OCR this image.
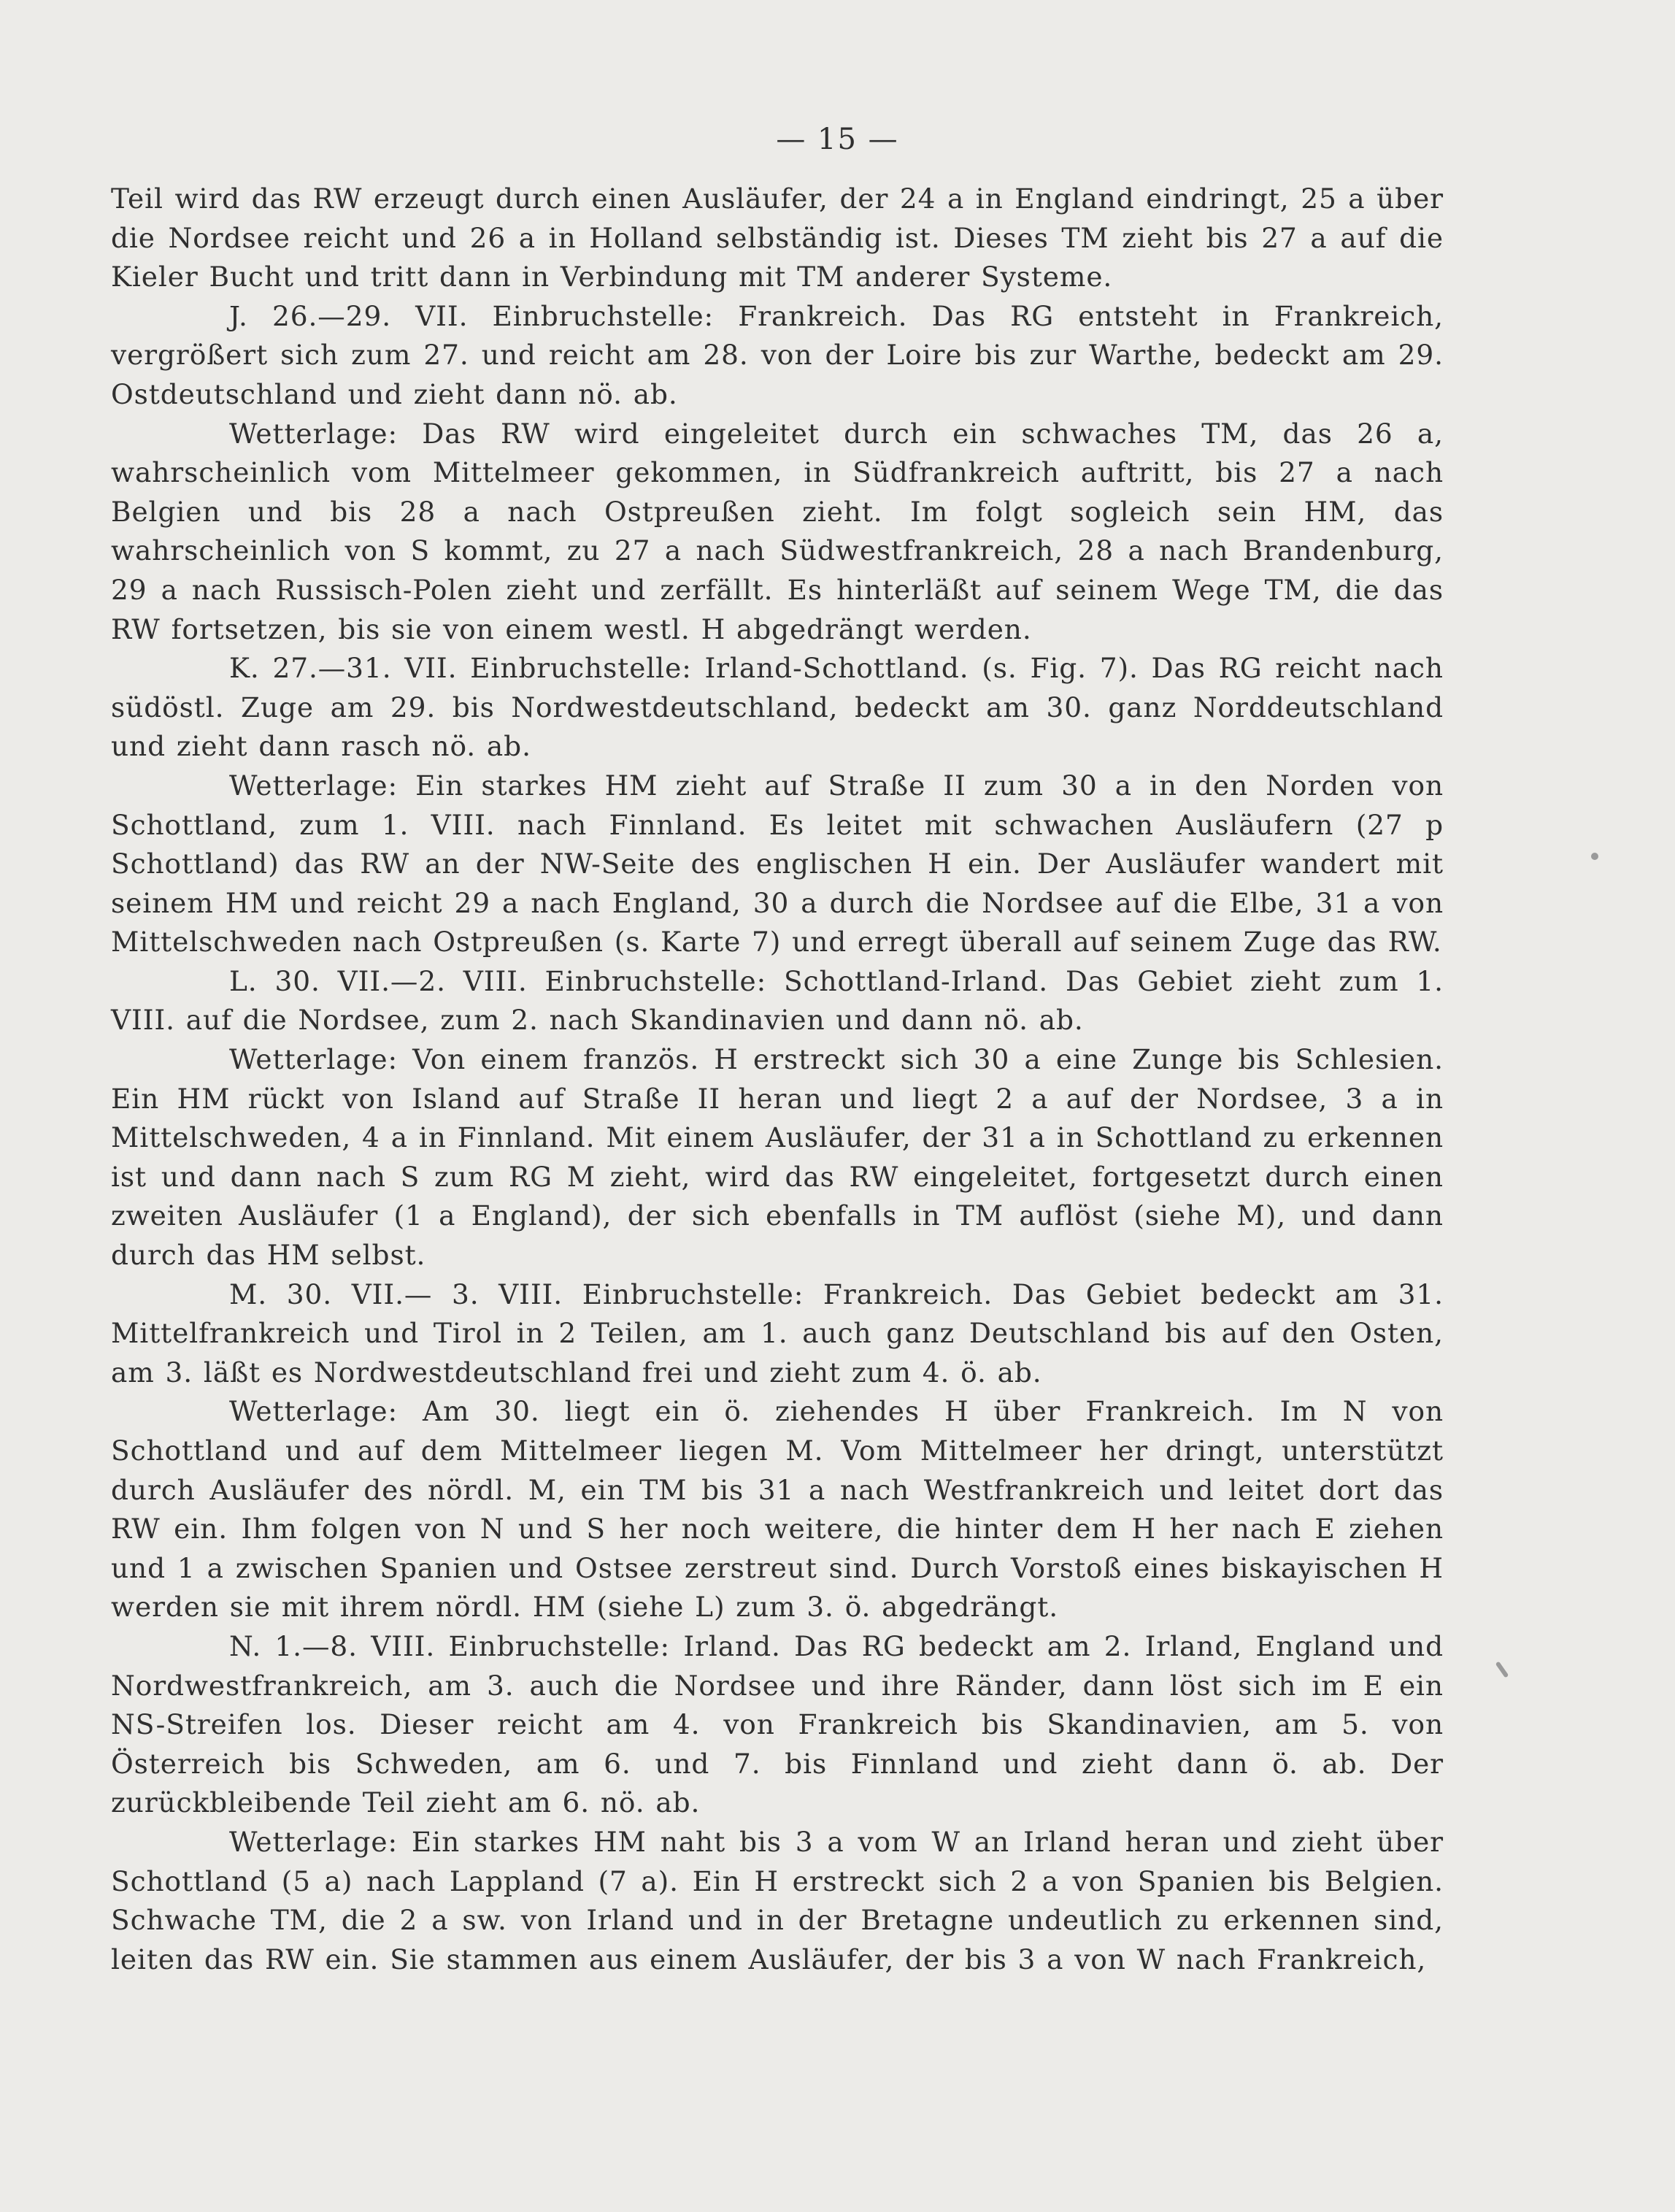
— 15 —

Teil wird das RW erzeugt durch einen Ausläufer, der 24 a in England eindringt, 25 a über die Nordsee reicht und 26 a in Holland selbständig ist. Dieses TM zieht bis 27 a auf die Kieler Bucht und tritt dann in Verbindung mit TM anderer Systeme.

J. 26.—29. VII. Einbruchstelle: Frankreich. Das RG entsteht in Frankreich, vergrößert sich zum 27. und reicht am 28. von der Loire bis zur Warthe, bedeckt am 29. Ostdeutschland und zieht dann nö. ab.

Wetterlage: Das RW wird eingeleitet durch ein schwaches TM, das 26 a, wahrscheinlich vom Mittelmeer gekommen, in Südfrankreich auftritt, bis 27 a nach Belgien und bis 28 a nach Ostpreußen zieht. Im folgt sogleich sein HM, das wahrscheinlich von S kommt, zu 27 a nach Südwestfrankreich, 28 a nach Brandenburg, 29 a nach Russisch-Polen zieht und zerfällt. Es hinterläßt auf seinem Wege TM, die das RW fortsetzen, bis sie von einem westl. H abgedrängt werden.

K. 27.—31. VII. Einbruchstelle: Irland-Schottland. (s. Fig. 7). Das RG reicht nach südöstl. Zuge am 29. bis Nordwestdeutschland, bedeckt am 30. ganz Norddeutschland und zieht dann rasch nö. ab.

Wetterlage: Ein starkes HM zieht auf Straße II zum 30 a in den Norden von Schottland, zum 1. VIII. nach Finnland. Es leitet mit schwachen Ausläufern (27 p Schottland) das RW an der NW-Seite des englischen H ein. Der Ausläufer wandert mit seinem HM und reicht 29 a nach England, 30 a durch die Nordsee auf die Elbe, 31 a von Mittelschweden nach Ostpreußen (s. Karte 7) und erregt überall auf seinem Zuge das RW.

L. 30. VII.—2. VIII. Einbruchstelle: Schottland-Irland. Das Gebiet zieht zum 1. VIII. auf die Nordsee, zum 2. nach Skandinavien und dann nö. ab.

Wetterlage: Von einem französ. H erstreckt sich 30 a eine Zunge bis Schlesien. Ein HM rückt von Island auf Straße II heran und liegt 2 a auf der Nordsee, 3 a in Mittelschweden, 4 a in Finnland. Mit einem Ausläufer, der 31 a in Schottland zu erkennen ist und dann nach S zum RG M zieht, wird das RW eingeleitet, fortgesetzt durch einen zweiten Ausläufer (1 a England), der sich ebenfalls in TM auflöst (siehe M), und dann durch das HM selbst.

M. 30. VII.— 3. VIII. Einbruchstelle: Frankreich. Das Gebiet bedeckt am 31. Mittelfrankreich und Tirol in 2 Teilen, am 1. auch ganz Deutschland bis auf den Osten, am 3. läßt es Nordwestdeutschland frei und zieht zum 4. ö. ab.

Wetterlage: Am 30. liegt ein ö. ziehendes H über Frankreich. Im N von Schottland und auf dem Mittelmeer liegen M. Vom Mittelmeer her dringt, unterstützt durch Ausläufer des nördl. M, ein TM bis 31 a nach Westfrankreich und leitet dort das RW ein. Ihm folgen von N und S her noch weitere, die hinter dem H her nach E ziehen und 1 a zwischen Spanien und Ostsee zerstreut sind. Durch Vorstoß eines biskayischen H werden sie mit ihrem nördl. HM (siehe L) zum 3. ö. abgedrängt.

N. 1.—8. VIII. Einbruchstelle: Irland. Das RG bedeckt am 2. Irland, England und Nordwestfrankreich, am 3. auch die Nordsee und ihre Ränder, dann löst sich im E ein NS-Streifen los. Dieser reicht am 4. von Frankreich bis Skandinavien, am 5. von Österreich bis Schweden, am 6. und 7. bis Finnland und zieht dann ö. ab. Der zurückbleibende Teil zieht am 6. nö. ab.

Wetterlage: Ein starkes HM naht bis 3 a vom W an Irland heran und zieht über Schottland (5 a) nach Lappland (7 a). Ein H erstreckt sich 2 a von Spanien bis Belgien. Schwache TM, die 2 a sw. von Irland und in der Bretagne undeutlich zu erkennen sind, leiten das RW ein. Sie stammen aus einem Ausläufer, der bis 3 a von W nach Frankreich,
